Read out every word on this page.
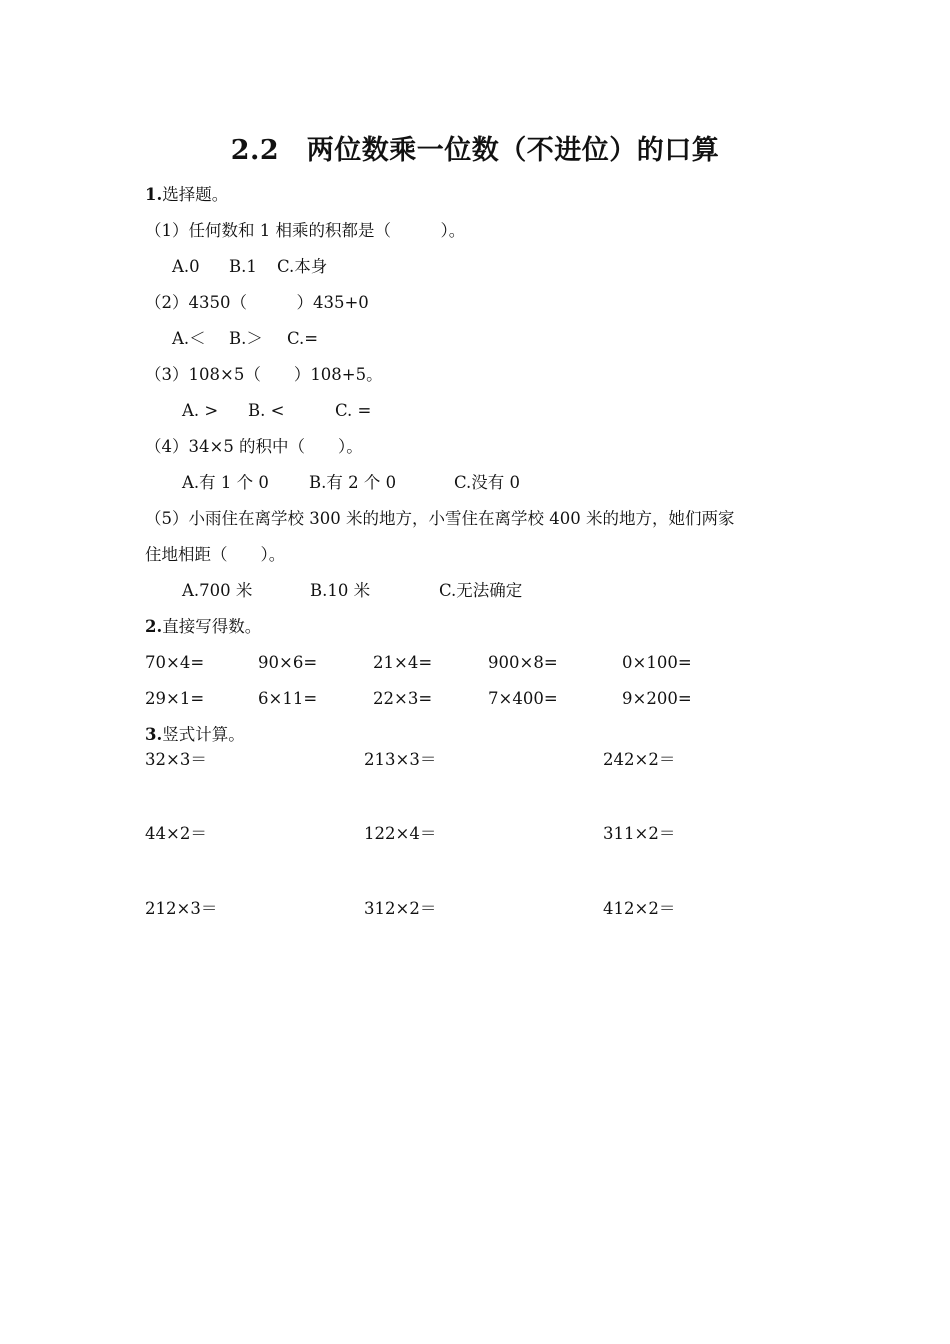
2.2　两位数乘一位数（不进位）的口算
1.选择题。
（1）任何数和 1 相乘的积都是（　　　）。
A.0 B.1 C.本身
（2）4350（　　　）435+0
A.＜ B.＞ C.=
（3）108×5（　　）108+5。
A. > B. <	C. =
（4）34×5 的积中（　　）。
A.有 1 个 0 B.有 2 个 0	C.没有 0
（5）小雨住在离学校 300 米的地方，小雪住在离学校 400 米的地方，她们两家
住地相距（　　）。
A.700 米	B.10 米	C.无法确定
2.直接写得数。
70×4=	90×6=	21×4=	900×8=	0×100=
29×1=	6×11=	22×3=	7×400=	9×200=
3.竖式计算。
32×3＝	213×3＝	242×2＝
44×2＝	122×4＝	311×2＝
212×3＝	312×2＝	412×2＝
